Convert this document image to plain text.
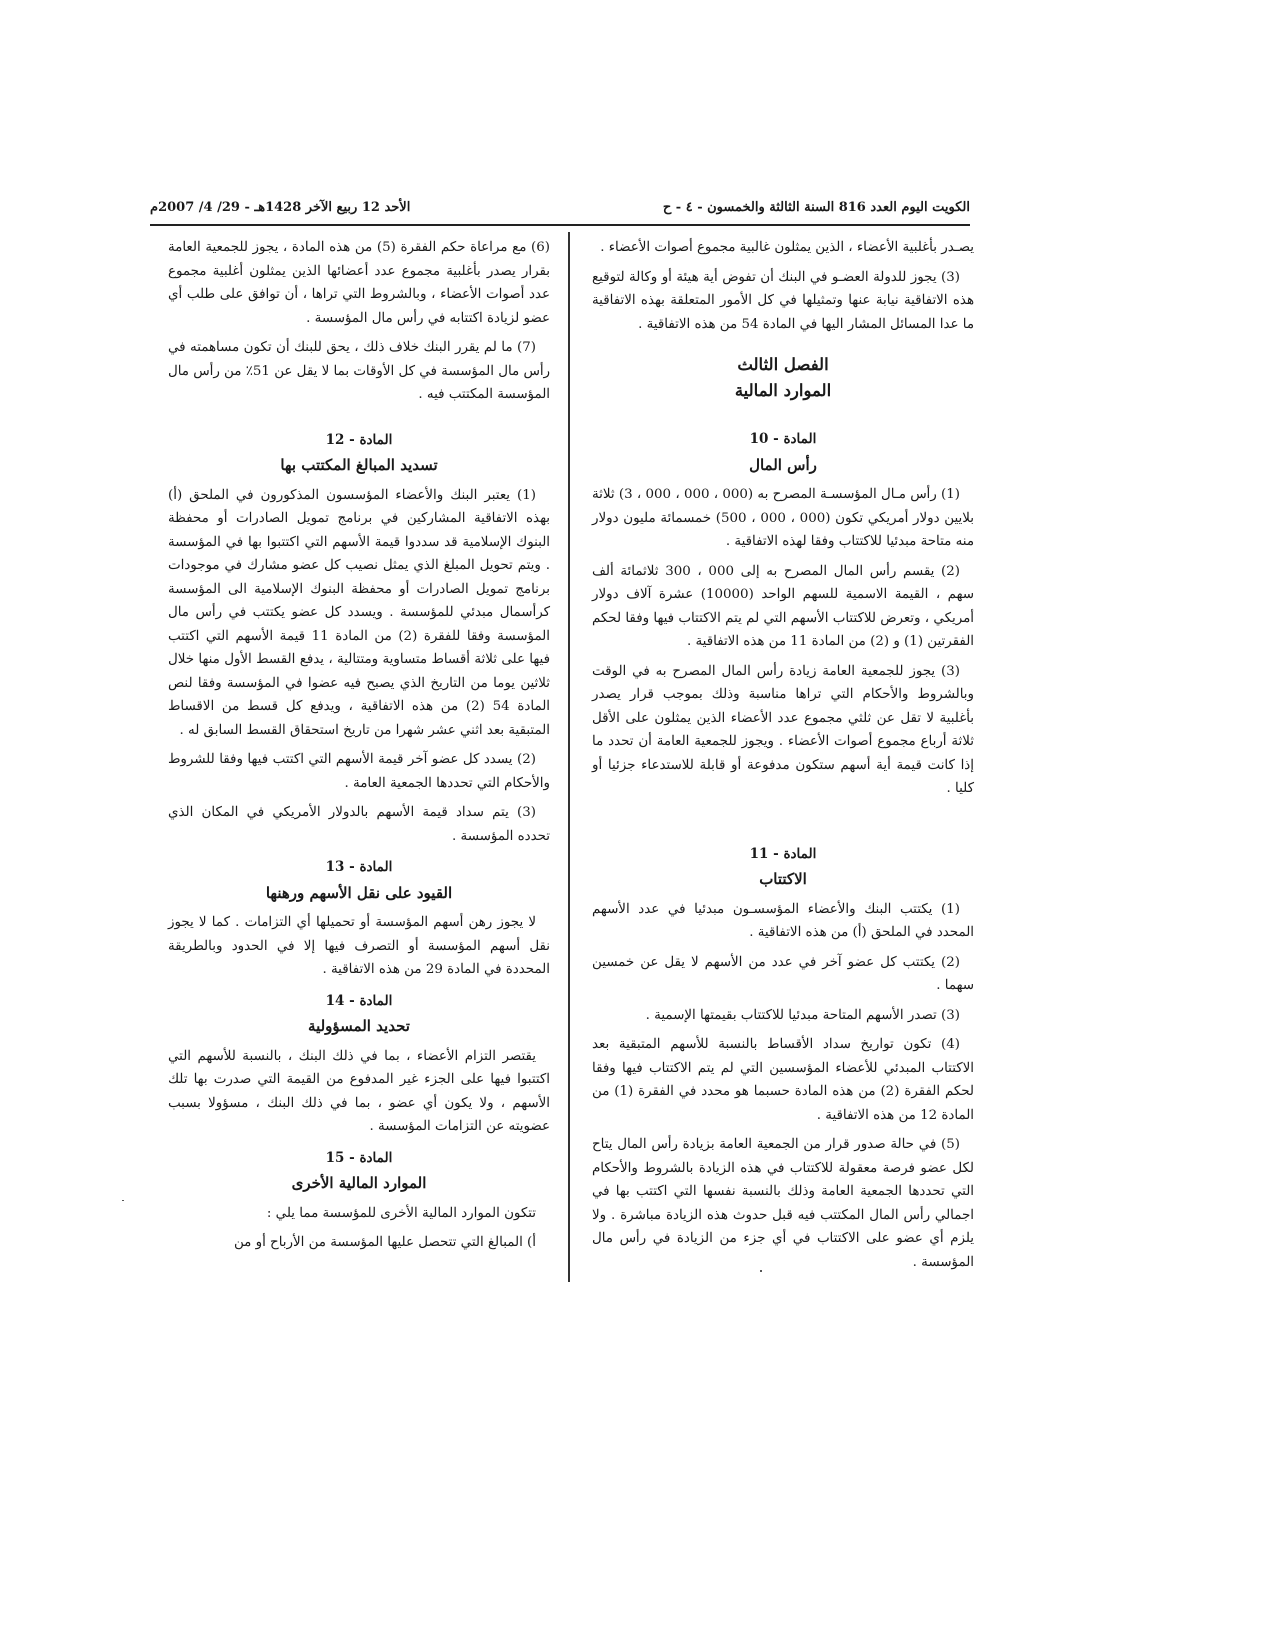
الكويت اليوم العدد 816 السنة الثالثة والخمسون - ٤ - ح
الأحد 12 ربيع الآخر 1428هـ - 29/ 4/ 2007م

يصـدر بأغلبية الأعضاء ، الذين يمثلون غالبية مجموع أصوات الأعضاء .

(3) يجوز للدولة العضـو في البنك أن تفوض أية هيئة أو وكالة لتوقيع هذه الاتفاقية نيابة عنها وتمثيلها في كل الأمور المتعلقة بهذه الاتفاقية ما عدا المسائل المشار اليها في المادة 54 من هذه الاتفاقية .

الفصل الثالث
الموارد المالية
المادة - 10
رأس المال

(1) رأس مـال المؤسسـة المصرح به (000 ، 000 ، 000 ، 3) ثلاثة بلايين دولار أمريكي تكون (000 ، 000 ، 500) خمسمائة مليون دولار منه متاحة مبدئيا للاكتتاب وفقا لهذه الاتفاقية .

(2) يقسم رأس المال المصرح به إلى 000 ، 300 ثلاثمائة ألف سهم ، القيمة الاسمية للسهم الواحد (10000) عشرة آلاف دولار أمريكي ، وتعرض للاكتتاب الأسهم التي لم يتم الاكتتاب فيها وفقا لحكم الفقرتين (1) و (2) من المادة 11 من هذه الاتفاقية .

(3) يجوز للجمعية العامة زيادة رأس المال المصرح به في الوقت وبالشروط والأحكام التي تراها مناسبة وذلك بموجب قرار يصدر بأغلبية لا تقل عن ثلثي مجموع عدد الأعضاء الذين يمثلون على الأقل ثلاثة أرباع مجموع أصوات الأعضاء . ويجوز للجمعية العامة أن تحدد ما إذا كانت قيمة أية أسهم ستكون مدفوعة أو قابلة للاستدعاء جزئيا أو كليا .

المادة - 11
الاكتتاب

(1) يكتتب البنك والأعضاء المؤسسـون مبدئيا في عدد الأسهم المحدد في الملحق (أ) من هذه الاتفاقية .

(2) يكتتب كل عضو آخر في عدد من الأسهم لا يقل عن خمسين سهما .

(3) تصدر الأسهم المتاحة مبدئيا للاكتتاب بقيمتها الإسمية .

(4) تكون تواريخ سداد الأقساط بالنسبة للأسهم المتبقية بعد الاكتتاب المبدئي للأعضاء المؤسسين التي لم يتم الاكتتاب فيها وفقا لحكم الفقرة (2) من هذه المادة حسبما هو محدد في الفقرة (1) من المادة 12 من هذه الاتفاقية .

(5) في حالة صدور قرار من الجمعية العامة بزيادة رأس المال يتاح لكل عضو فرصة معقولة للاكتتاب في هذه الزيادة بالشروط والأحكام التي تحددها الجمعية العامة وذلك بالنسبة نفسها التي اكتتب بها في اجمالي رأس المال المكتتب فيه قبل حدوث هذه الزيادة مباشرة . ولا يلزم أي عضو على الاكتتاب في أي جزء من الزيادة في رأس مال المؤسسة .

(6) مع مراعاة حكم الفقرة (5) من هذه المادة ، يجوز للجمعية العامة بقرار يصدر بأغلبية مجموع عدد أعضائها الذين يمثلون أغلبية مجموع عدد أصوات الأعضاء ، وبالشروط التي تراها ، أن توافق على طلب أي عضو لزيادة اكتتابه في رأس مال المؤسسة .

(7) ما لم يقرر البنك خلاف ذلك ، يحق للبنك أن تكون مساهمته في رأس مال المؤسسة في كل الأوقات بما لا يقل عن 51٪ من رأس مال المؤسسة المكتتب فيه .

المادة - 12
تسديد المبالغ المكتتب بها

(1) يعتبر البنك والأعضاء المؤسسون المذكورون في الملحق (أ) بهذه الاتفاقية المشاركين في برنامج تمويل الصادرات أو محفظة البنوك الإسلامية قد سددوا قيمة الأسهم التي اكتتبوا بها في المؤسسة . ويتم تحويل المبلغ الذي يمثل نصيب كل عضو مشارك في موجودات برنامج تمويل الصادرات أو محفظة البنوك الإسلامية الى المؤسسة كرأسمال مبدئي للمؤسسة . ويسدد كل عضو يكتتب في رأس مال المؤسسة وفقا للفقرة (2) من المادة 11 قيمة الأسهم التي اكتتب فيها على ثلاثة أقساط متساوية ومتتالية ، يدفع القسط الأول منها خلال ثلاثين يوما من التاريخ الذي يصبح فيه عضوا في المؤسسة وفقا لنص المادة 54 (2) من هذه الاتفاقية ، ويدفع كل قسط من الاقساط المتبقية بعد اثني عشر شهرا من تاريخ استحقاق القسط السابق له .

(2) يسدد كل عضو آخر قيمة الأسهم التي اكتتب فيها وفقا للشروط والأحكام التي تحددها الجمعية العامة .

(3) يتم سداد قيمة الأسهم بالدولار الأمريكي في المكان الذي تحدده المؤسسة .

المادة - 13
القيود على نقل الأسهم ورهنها

لا يجوز رهن أسهم المؤسسة أو تحميلها أي التزامات . كما لا يجوز نقل أسهم المؤسسة أو التصرف فيها إلا في الحدود وبالطريقة المحددة في المادة 29 من هذه الاتفاقية .

المادة - 14
تحديد المسؤولية

يقتصر التزام الأعضاء ، بما في ذلك البنك ، بالنسبة للأسهم التي اكتتبوا فيها على الجزء غير المدفوع من القيمة التي صدرت بها تلك الأسهم ، ولا يكون أي عضو ، بما في ذلك البنك ، مسؤولا بسبب عضويته عن التزامات المؤسسة .

المادة - 15
الموارد المالية الأخرى

تتكون الموارد المالية الأخرى للمؤسسة مما يلي :

أ) المبالغ التي تتحصل عليها المؤسسة من الأرباح أو من
